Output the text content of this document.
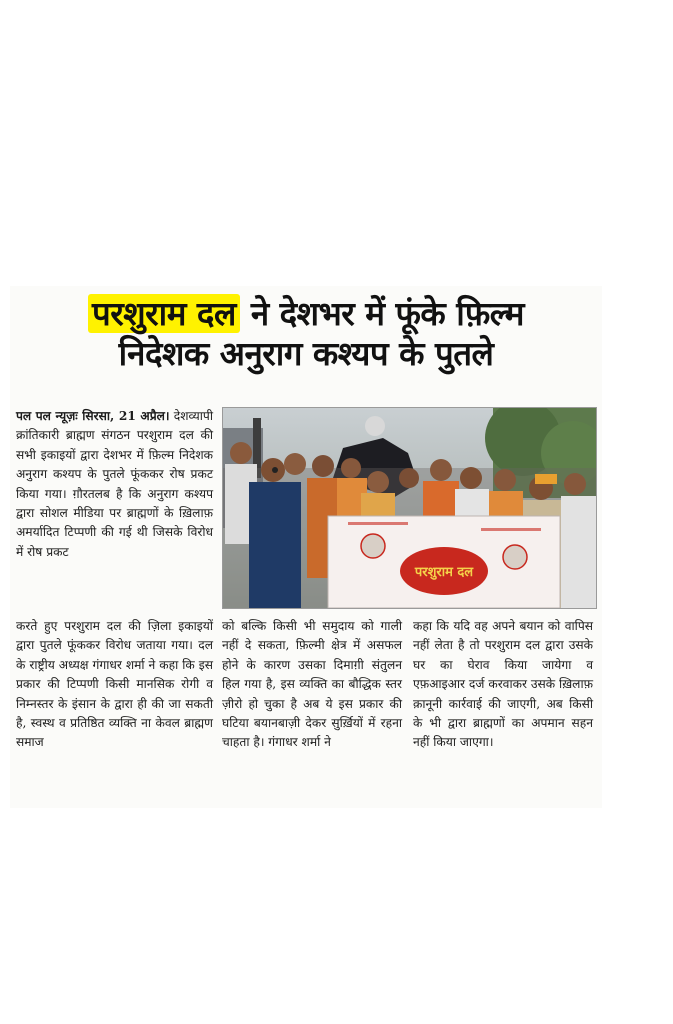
परशुराम दल ने देशभर में फूंके फ़िल्म
निदेशक अनुराग कश्यप के पुतले
पल पल न्यूज़ः सिरसा, 21 अप्रैल। देशव्यापी क्रांतिकारी ब्राह्मण संगठन परशुराम दल की सभी इकाइयों द्वारा देशभर में फ़िल्म निदेशक अनुराग कश्यप के पुतले फूंककर रोष प्रकट किया गया। ग़ौरतलब है कि अनुराग कश्यप द्वारा सोशल मीडिया पर ब्राह्मणों के ख़िलाफ़ अमर्यादित टिप्पणी की गई थी जिसके विरोध में रोष प्रकट
परशुराम दल
करते हुए परशुराम दल की ज़िला इकाइयों द्वारा पुतले फूंककर विरोध जताया गया। दल के राष्ट्रीय अध्यक्ष गंगाधर शर्मा ने कहा कि इस प्रकार की टिप्पणी किसी मानसिक रोगी व निम्नस्तर के इंसान के द्वारा ही की जा सकती है, स्वस्थ व प्रतिष्ठित व्यक्ति ना केवल ब्राह्मण समाज
को बल्कि किसी भी समुदाय को गाली नहीं दे सकता, फ़िल्मी क्षेत्र में असफल होने के कारण उसका दिमाग़ी संतुलन हिल गया है, इस व्यक्ति का बौद्धिक स्तर ज़ीरो हो चुका है अब ये इस प्रकार की घटिया बयानबाज़ी देकर सुर्ख़ियों में रहना चाहता है। गंगाधर शर्मा ने
कहा कि यदि वह अपने बयान को वापिस नहीं लेता है तो परशुराम दल द्वारा उसके घर का घेराव किया जायेगा व एफ़आइआर दर्ज करवाकर उसके ख़िलाफ़ क़ानूनी कार्रवाई की जाएगी, अब किसी के भी द्वारा ब्राह्मणों का अपमान सहन नहीं किया जाएगा।
